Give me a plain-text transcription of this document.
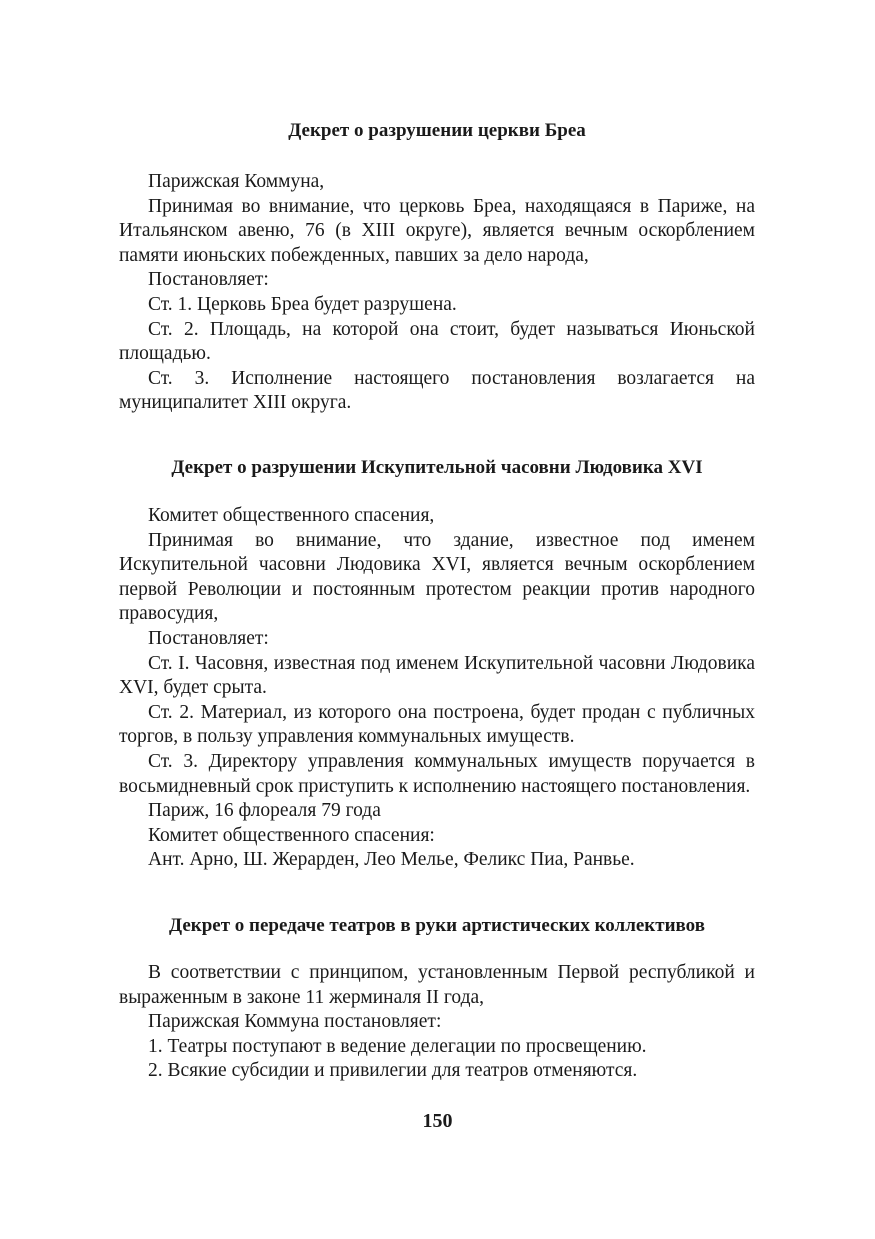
Декрет о разрушении церкви Бреа

Парижская Коммуна,

Принимая во внимание, что церковь Бреа, находящаяся в Париже, на Итальянском авеню, 76 (в XIII округе), является вечным оскорблением памяти июньских побежденных, павших за дело народа,

Постановляет:

Ст. 1. Церковь Бреа будет разрушена.

Ст. 2. Площадь, на которой она стоит, будет называться Июньской площадью.

Ст. 3. Исполнение настоящего постановления возлагается на муниципалитет XIII округа.

Декрет о разрушении Искупительной часовни Людовика XVI

Комитет общественного спасения,

Принимая во внимание, что здание, известное под именем Искупительной часовни Людовика XVI, является вечным оскорблением первой Революции и постоянным протестом реакции против народного правосудия,

Постановляет:

Ст. I. Часовня, известная под именем Искупительной часовни Людовика XVI, будет срыта.

Ст. 2. Материал, из которого она построена, будет продан с публичных торгов, в пользу управления коммунальных имуществ.

Ст. 3. Директору управления коммунальных имуществ поручается в восьмидневный срок приступить к исполнению настоящего постановления.

Париж, 16 флореаля 79 года

Комитет общественного спасения:

Ант. Арно, Ш. Жерарден, Лео Мелье, Феликс Пиа, Ранвье.

Декрет о передаче театров в руки артистических коллективов

В соответствии с принципом, установленным Первой республикой и выраженным в законе 11 жерминаля II года,

Парижская Коммуна постановляет:

1. Театры поступают в ведение делегации по просвещению.

2. Всякие субсидии и привилегии для театров отменяются.

150
